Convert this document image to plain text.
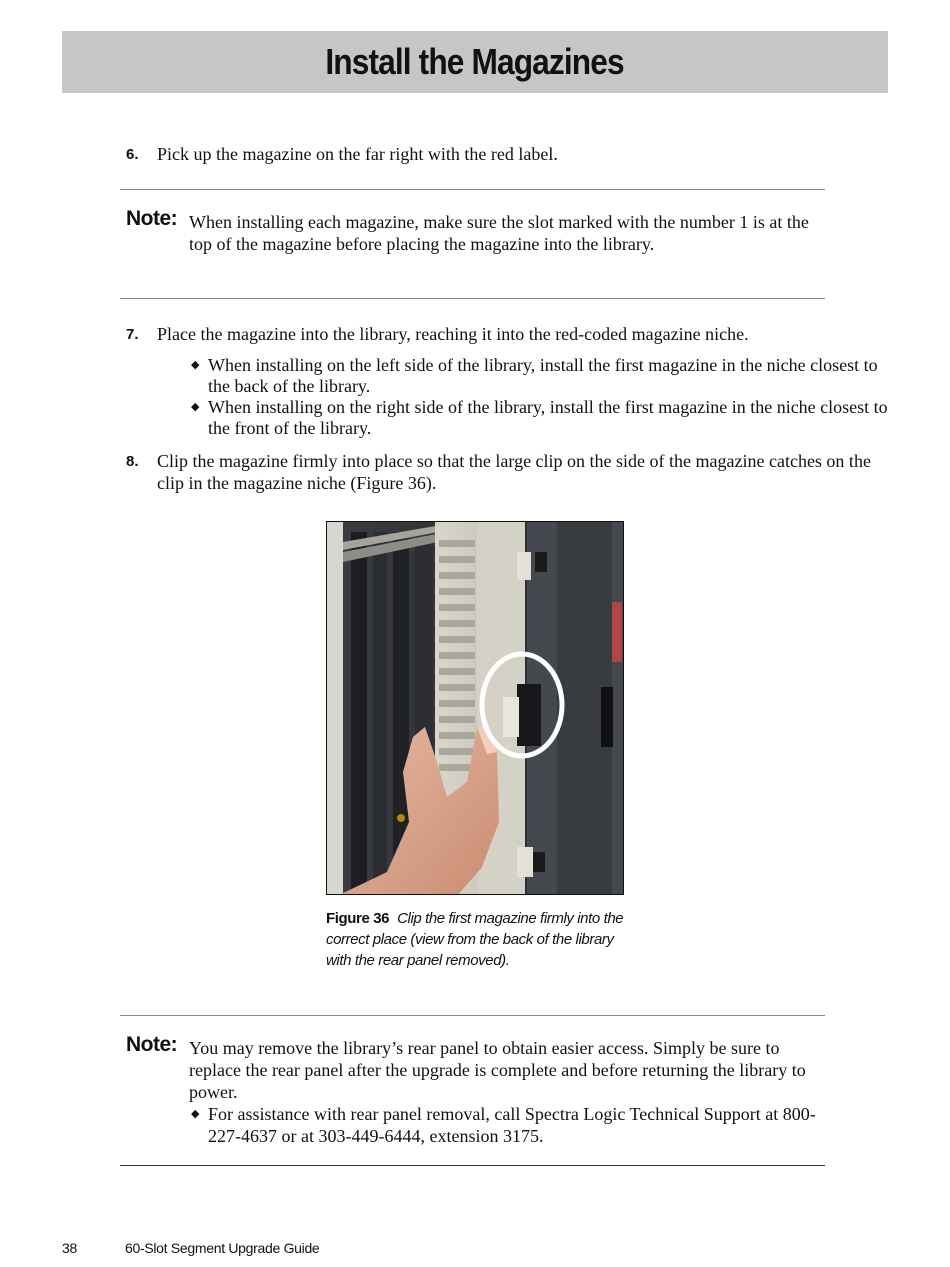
Install the Magazines
6. Pick up the magazine on the far right with the red label.
Note: When installing each magazine, make sure the slot marked with the number 1 is at the top of the magazine before placing the magazine into the library.
7. Place the magazine into the library, reaching it into the red-coded magazine niche.
◆ When installing on the left side of the library, install the first magazine in the niche closest to the back of the library.
◆ When installing on the right side of the library, install the first magazine in the niche closest to the front of the library.
8. Clip the magazine firmly into place so that the large clip on the side of the magazine catches on the clip in the magazine niche (Figure 36).
Figure 36 Clip the first magazine firmly into the correct place (view from the back of the library with the rear panel removed).
Note: You may remove the library’s rear panel to obtain easier access. Simply be sure to replace the rear panel after the upgrade is complete and before returning the library to power.
◆ For assistance with rear panel removal, call Spectra Logic Technical Support at 800-227-4637 or at 303-449-6444, extension 3175.
38	60-Slot Segment Upgrade Guide
